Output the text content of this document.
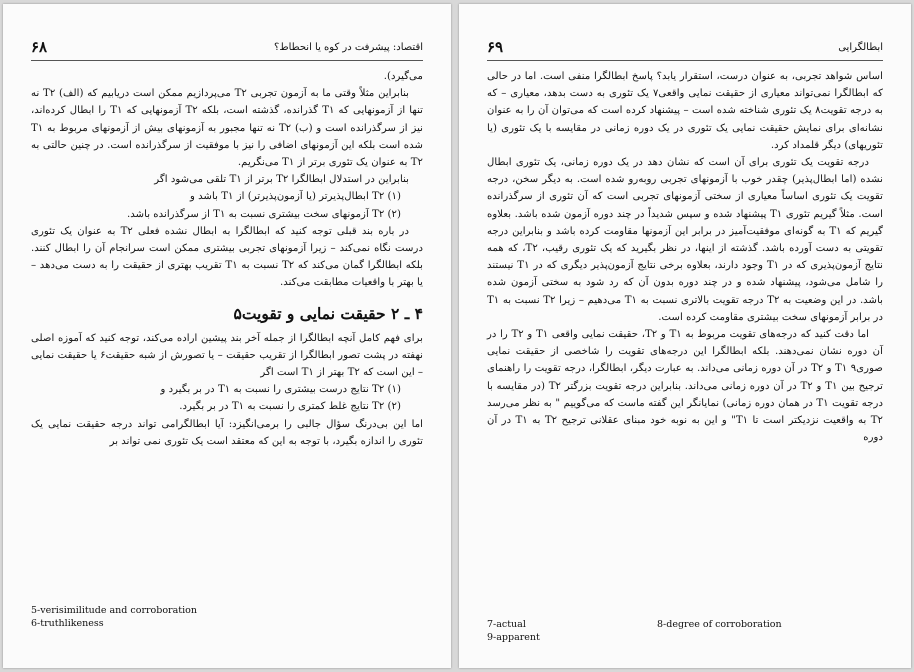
اقتصاد: پیشرفت در کوه یا انحطاط؟
۶۸

می‌گیرد).

بنابراین مثلاً وقتی ما به آزمون تجربی T۲ می‌پردازیم ممکن است دریابیم که (الف) T۲ نه تنها از آزمونهایی که T۱ گذرانده، گذشته است، بلکه T۲ آزمونهایی که T۱ را ابطال کرده‌اند، نیز از سرگذرانده است و (ب) T۲ نه تنها مجبور به آزمونهای بیش از آزمونهای مربوط به T۱ شده است بلکه این آزمونهای اضافی را نیز با موفقیت از سرگذرانده است. در چنین حالتی به T۲ به عنوان یک تئوری برتر از T۱ می‌نگریم.

بنابراین در استدلال ابطالگرا T۲ برتر از T۱ تلقی می‌شود اگر

(۱) T۲ ابطال‌پذیرتر (یا آزمون‌پذیرتر) از T۱ باشد و

(۲) T۲ آزمونهای سخت بیشتری نسبت به T۱ از سرگذرانده باشد.

در باره بند قبلی توجه کنید که ابطالگرا به ابطال نشده فعلی T۲ به عنوان یک تئوری درست نگاه نمی‌کند – زیرا آزمونهای تجربی بیشتری ممکن است سرانجام آن را ابطال کنند. بلکه ابطالگرا گمان می‌کند که T۲ نسبت به T۱ تقریب بهتری از حقیقت را به دست می‌دهد – یا بهتر با واقعیات مطابقت می‌کند.

۴ ـ ۲ حقیقت نمایی و تقویت۵

برای فهم کامل آنچه ابطالگرا از جمله آخر بند پیشین اراده می‌کند، توجه کنید که آموزه اصلی نهفته در پشت تصور ابطالگرا از تقریب حقیقت – یا تصورش از شبه حقیقت۶ یا حقیقت نمایی – این است که T۲ بهتر از T۱ است اگر

(۱) T۲ نتایج درست بیشتری را نسبت به T۱ در بر بگیرد و

(۲) T۲ نتایج غلط کمتری را نسبت به T۱ در بر بگیرد.

اما این بی‌درنگ سؤال جالبی را برمی‌انگیزد: آیا ابطالگرامی تواند درجه حقیقت نمایی یک تئوری را اندازه بگیرد، با توجه به این که معتقد است یک تئوری نمی تواند بر

5-verisimilitude and corroboration
6-truthlikeness
ابطالگرایی
۶۹

اساس شواهد تجربی، به عنوان درست، استقرار یابد؟ پاسخ ابطالگرا منفی است. اما در حالی که ابطالگرا نمی‌تواند معیاری از حقیقت نمایی واقعی۷ یک تئوری به دست بدهد، معیاری – که به درجه تقویت۸ یک تئوری شناخته شده است – پیشنهاد کرده است که می‌توان آن را به عنوان نشانه‌ای برای نمایش حقیقت نمایی یک تئوری در یک دوره زمانی در مقایسه با یک تئوری (یا تئوریهای) دیگر قلمداد کرد.

درجه تقویت یک تئوری برای آن است که نشان دهد در یک دوره زمانی، یک تئوری ابطال نشده (اما ابطال‌پذیر) چقدر خوب با آزمونهای تجربی روبه‌رو شده است. به دیگر سخن، درجه تقویت یک تئوری اساساً معیاری از سختی آزمونهای تجربی است که آن تئوری از سرگذرانده است. مثلاً گیریم تئوری T۱ پیشنهاد شده و سپس شدیداً در چند دوره آزمون شده باشد. بعلاوه گیریم که T۱ به گونه‌ای موفقیت‌آمیز در برابر این آزمونها مقاومت کرده باشد و بنابراین درجه تقویتی به دست آورده باشد. گذشته از اینها، در نظر بگیرید که یک تئوری رقیب، T۲، که همه نتایج آزمون‌پذیری که در T۱ وجود دارند، بعلاوه برخی نتایج آزمون‌پذیر دیگری که در T۱ نیستند را شامل می‌شود، پیشنهاد شده و در چند دوره بدون آن که رد شود به سختی آزمون شده باشد. در این وضعیت به T۲ درجه تقویت بالاتری نسبت به T۱ می‌دهیم – زیرا T۲ نسبت به T۱ در برابر آزمونهای سخت بیشتری مقاومت کرده است.

اما دقت کنید که درجه‌های تقویت مربوط به T۱ و T۲، حقیقت نمایی واقعی T۱ و T۲ را در آن دوره نشان نمی‌دهند. بلکه ابطالگرا این درجه‌های تقویت را شاخصی از حقیقت نمایی صوری۹ T۱ و T۲ در آن دوره زمانی می‌داند. به عبارت دیگر، ابطالگرا، درجه تقویت را راهنمای ترجیح بین T۱ و T۲ در آن دوره زمانی می‌داند. بنابراین درجه تقویت بزرگتر T۲ (در مقایسه با درجه تقویت T۱ در همان دوره زمانی) نمایانگر این گفته ماست که می‌گوییم " به نظر می‌رسد T۲ به واقعیت نزدیکتر است تا T۱" و این به نوبه خود مبنای عقلانی ترجیح T۲ به T۱ در آن دوره

7-actual	8-degree of corroboration
9-apparent
